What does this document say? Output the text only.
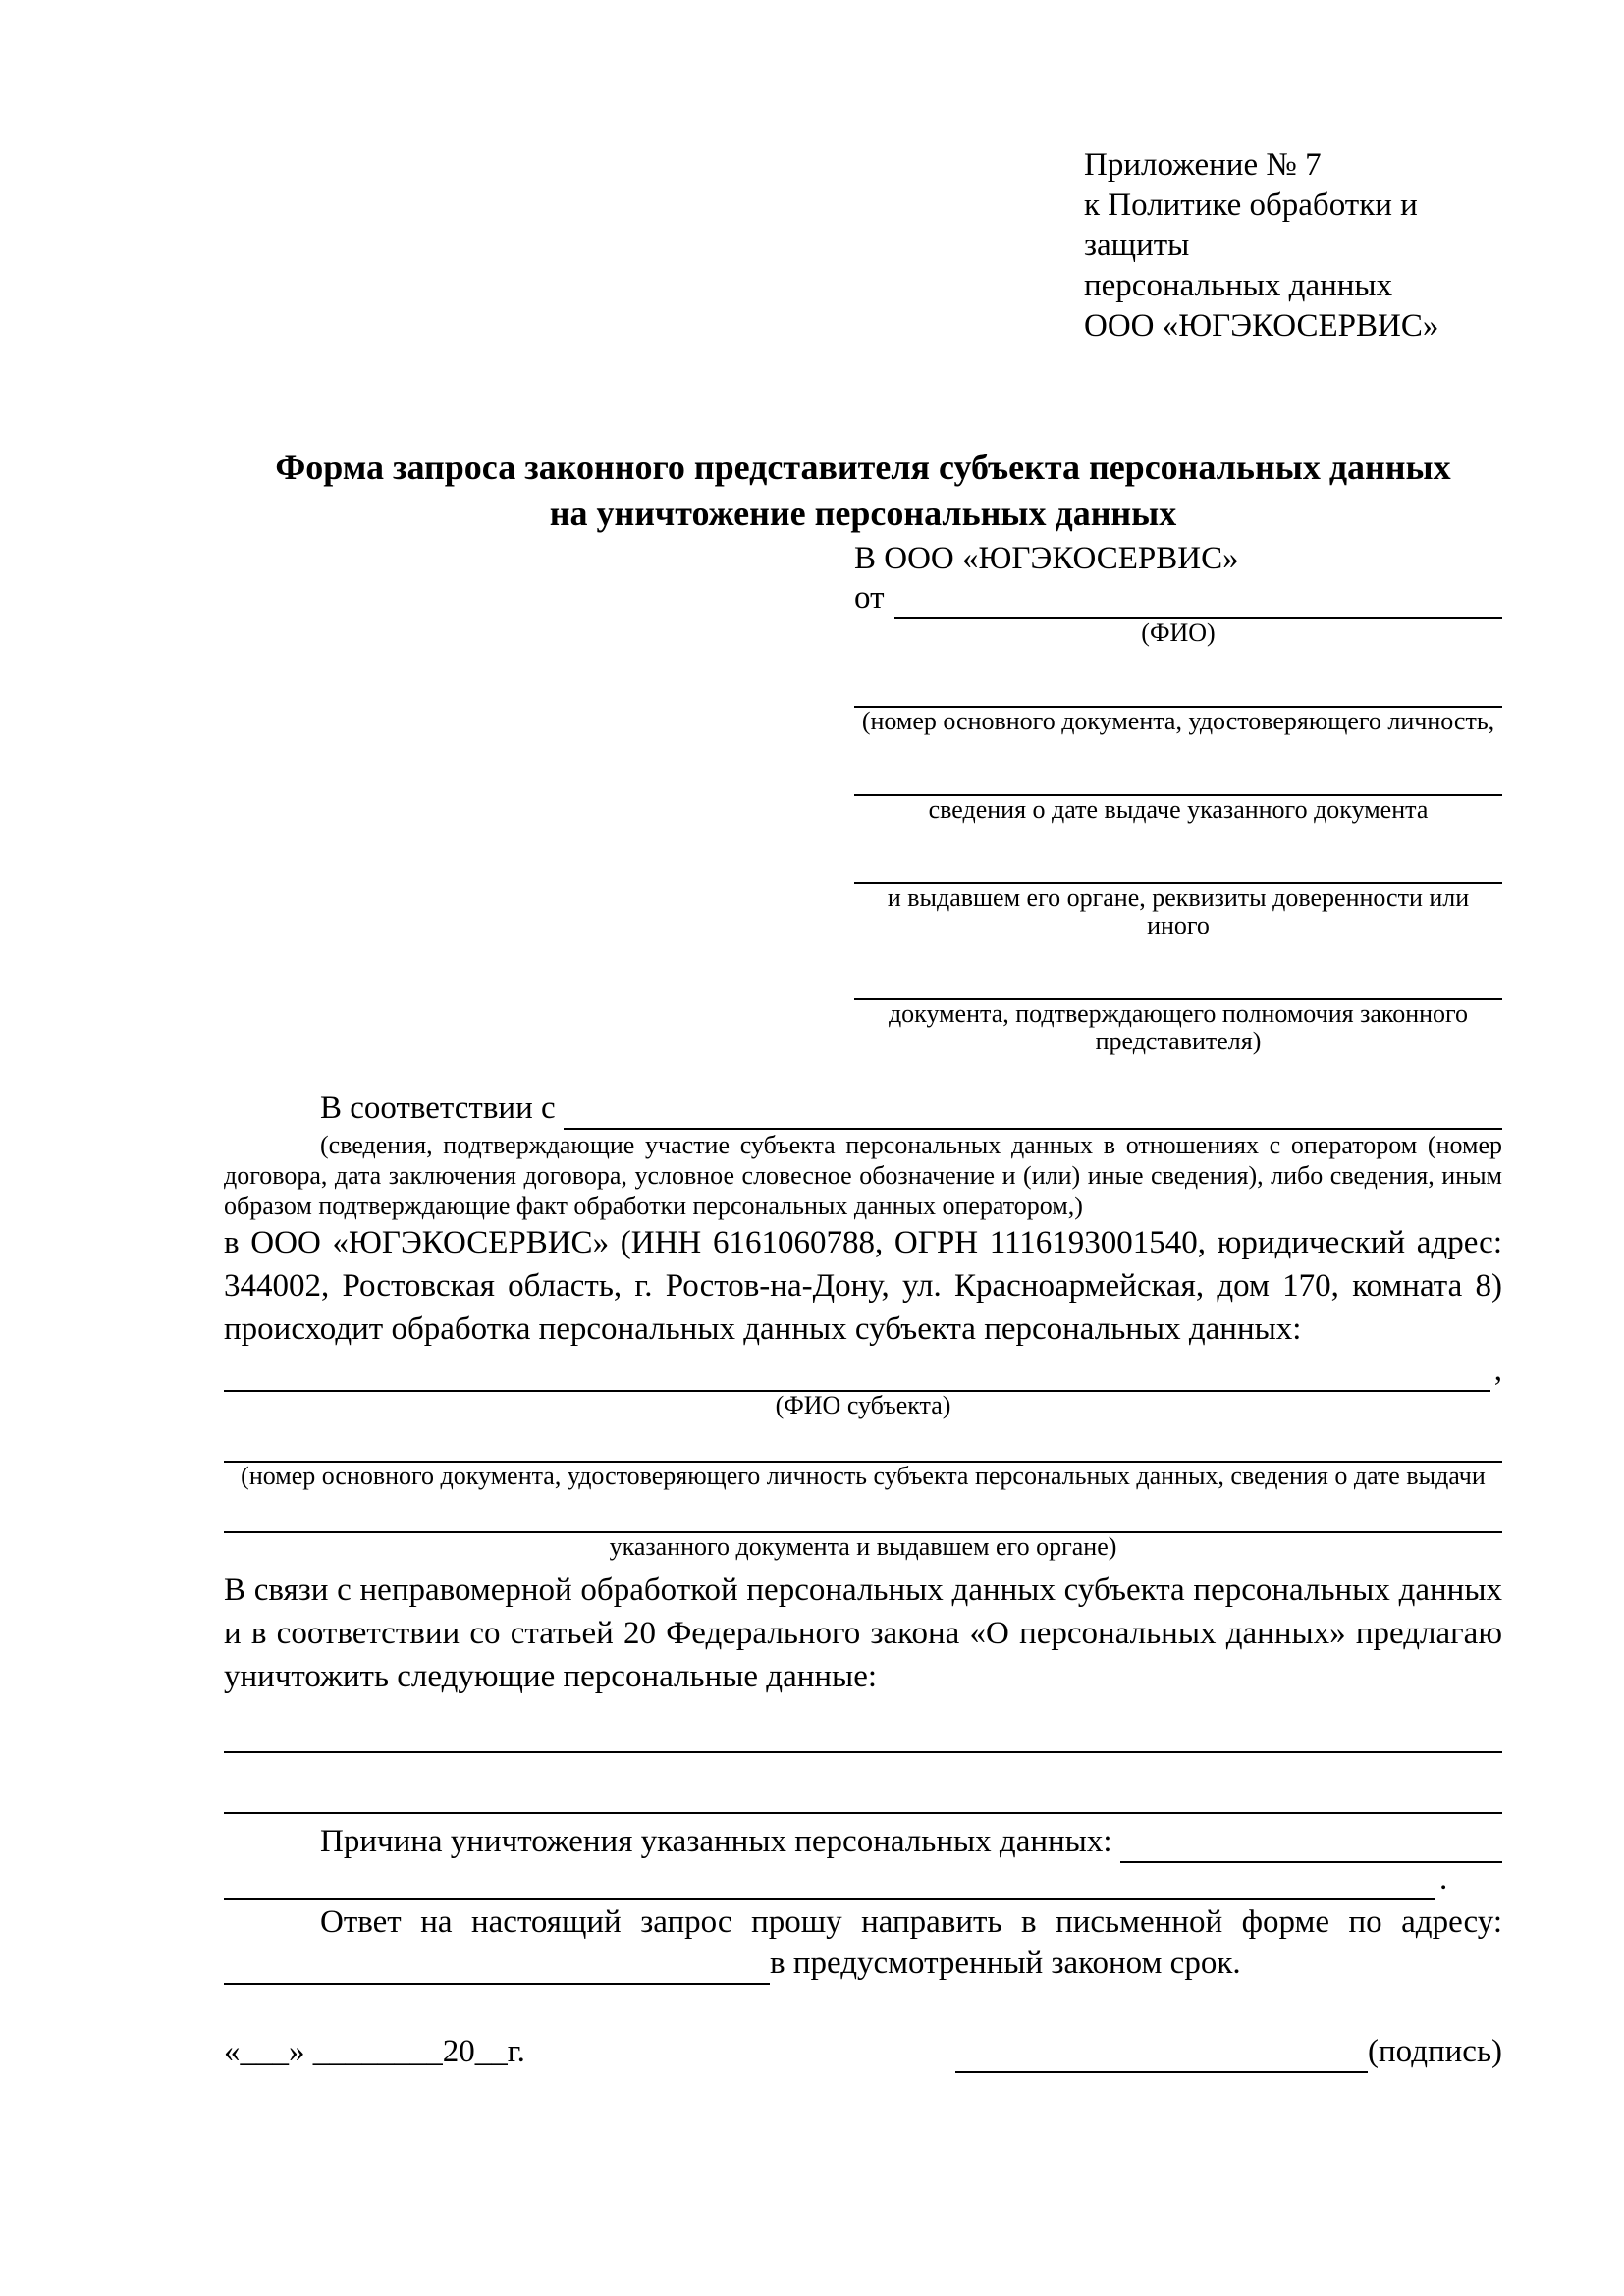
Приложение № 7
к Политике обработки и защиты
персональных данных
ООО «ЮГЭКОСЕРВИС»
Форма запроса законного представителя субъекта персональных данных
на уничтожение персональных данных
В ООО «ЮГЭКОСЕРВИС»
от
(ФИО)
(номер основного документа, удостоверяющего личность,
сведения о дате выдаче указанного документа
и выдавшем его органе, реквизиты доверенности или иного
документа, подтверждающего полномочия законного представителя)
В соответствии с
(сведения, подтверждающие участие субъекта персональных данных в отношениях с оператором (номер договора, дата заключения договора, условное словесное обозначение и (или) иные сведения), либо сведения, иным образом подтверждающие факт обработки персональных данных оператором,)
в ООО «ЮГЭКОСЕРВИС» (ИНН 6161060788, ОГРН 1116193001540, юридический адрес: 344002, Ростовская область, г. Ростов-на-Дону, ул. Красноармейская, дом 170, комната 8) происходит обработка персональных данных субъекта персональных данных:
,
(ФИО субъекта)
(номер основного документа, удостоверяющего личность субъекта персональных данных, сведения о дате выдачи
указанного документа и выдавшем его органе)
В связи с неправомерной обработкой персональных данных субъекта персональных данных и в соответствии со статьей 20 Федерального закона «О персональных данных» предлагаю уничтожить следующие персональные данные:
Причина уничтожения указанных персональных данных:
.
Ответ на настоящий запрос прошу направить в письменной форме по адресу:
в предусмотренный законом срок.
«___» ________20__г.	(подпись)
